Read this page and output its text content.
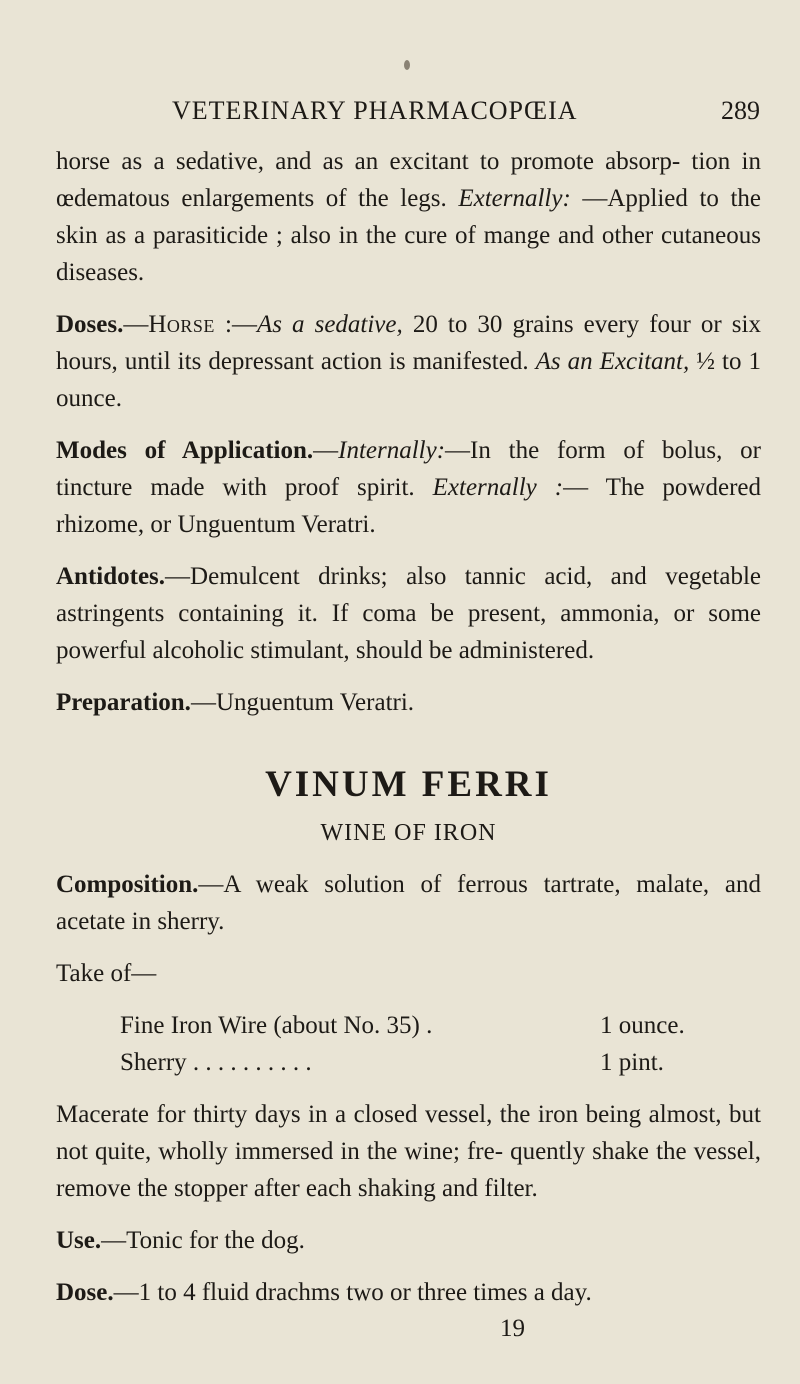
VETERINARY PHARMACOPŒIA	289

horse as a sedative, and as an excitant to promote absorp- tion in œdematous enlargements of the legs. Externally: —Applied to the skin as a parasiticide ; also in the cure of mange and other cutaneous diseases.

Doses.—Horse :—As a sedative, 20 to 30 grains every four or six hours, until its depressant action is manifested. As an Excitant, ½ to 1 ounce.

Modes of Application.—Internally:—In the form of bolus, or tincture made with proof spirit. Externally :— The powdered rhizome, or Unguentum Veratri.

Antidotes.—Demulcent drinks; also tannic acid, and vegetable astringents containing it. If coma be present, ammonia, or some powerful alcoholic stimulant, should be administered.

Preparation.—Unguentum Veratri.

VINUM FERRI
WINE OF IRON

Composition.—A weak solution of ferrous tartrate, malate, and acetate in sherry.

Take of—

Fine Iron Wire (about No. 35) .	1 ounce.
Sherry . . . . . . . . . .	1 pint.

Macerate for thirty days in a closed vessel, the iron being almost, but not quite, wholly immersed in the wine; fre- quently shake the vessel, remove the stopper after each shaking and filter.

Use.—Tonic for the dog.

Dose.—1 to 4 fluid drachms two or three times a day.

19
